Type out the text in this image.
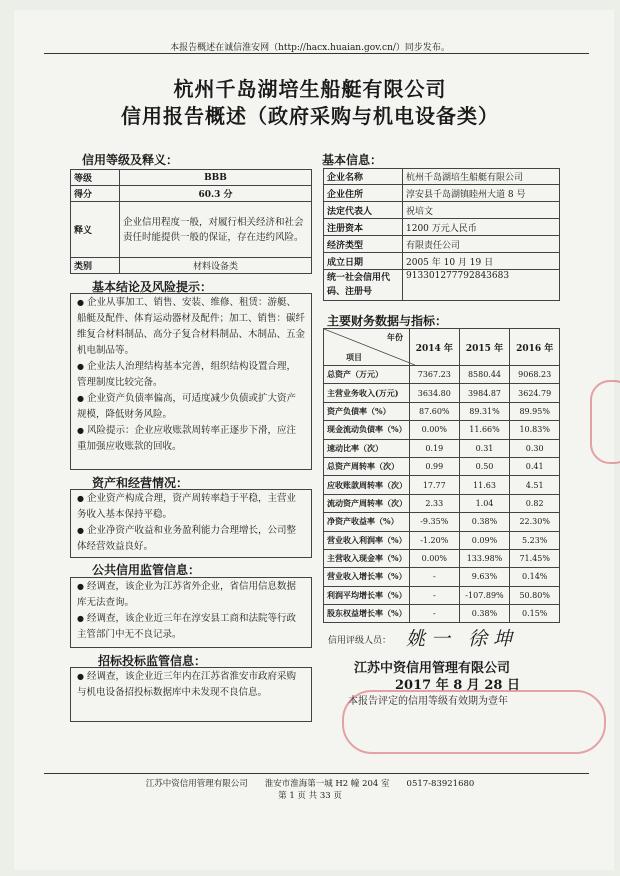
本报告概述在诚信淮安网（http://hacx.huaian.gov.cn/）同步发布。
杭州千岛湖培生船艇有限公司
信用报告概述（政府采购与机电设备类）
信用等级及释义：
等级	BBB
得分	60.3 分
释义	企业信用程度一般，对履行相关经济和社会责任时能提供一般的保证，存在违约风险。
类别	材料设备类
基本结论及风险提示：

● 企业从事加工、销售、安装、维修、租赁：游艇、船艇及配件、体育运动器材及配件；加工、销售：碳纤维复合材料制品、高分子复合材料制品、木制品、五金机电制品等。

● 企业法人治理结构基本完善，组织结构设置合理，管理制度比较完备。

● 企业资产负债率偏高，可适度减少负债或扩大资产规模，降低财务风险。

● 风险提示：企业应收账款周转率正逐步下滑，应注重加强应收账款的回收。

资产和经营情况：

● 企业资产构成合理，资产周转率趋于平稳，主营业务收入基本保持平稳。

● 企业净资产收益和业务盈利能力合理增长，公司整体经营效益良好。

公共信用监管信息：

● 经调查，该企业为江苏省外企业，省信用信息数据库无法查询。

● 经调查，该企业近三年在淳安县工商和法院等行政主管部门中无不良记录。

招标投标监管信息：

● 经调查，该企业近三年内在江苏省淮安市政府采购与机电设备招投标数据库中未发现不良信息。

基本信息：
企业名称	杭州千岛湖培生船艇有限公司
企业住所	淳安县千岛湖镇睦州大道 8 号
法定代表人	祝培文
注册资本	1200 万元人民币
经济类型	有限责任公司
成立日期	2005 年 10 月 19 日
统一社会信用代码、注册号	913301277792843683
主要财务数据与指标：
年份
项目	2014 年	2015 年	2016 年
总资产（万元）	7367.23	8580.44	9068.23
主营业务收入(万元)	3634.80	3984.87	3624.79
资产负债率（%）	87.60%	89.31%	89.95%
现金流动负债率（%）	0.00%	11.66%	10.83%
速动比率（次）	0.19	0.31	0.30
总资产周转率（次）	0.99	0.50	0.41
应收账款周转率（次）	17.77	11.63	4.51
流动资产周转率（次）	2.33	1.04	0.82
净资产收益率（%）	-9.35%	0.38%	22.30%
营业收入利润率（%）	-1.20%	0.09%	5.23%
主营收入现金率（%）	0.00%	133.98%	71.45%
营业收入增长率（%）	-	9.63%	0.14%
利润平均增长率（%）	-	-107.89%	50.80%
股东权益增长率（%）	-	0.38%	0.15%
信用评级人员： 姚一 徐坤
江苏中资信用管理有限公司
2017 年 8 月 28 日
本报告评定的信用等级有效期为壹年
江苏中资信用管理有限公司　　淮安市淮海第一城 H2 幢 204 室　　0517-83921680
第 1 页 共 33 页
